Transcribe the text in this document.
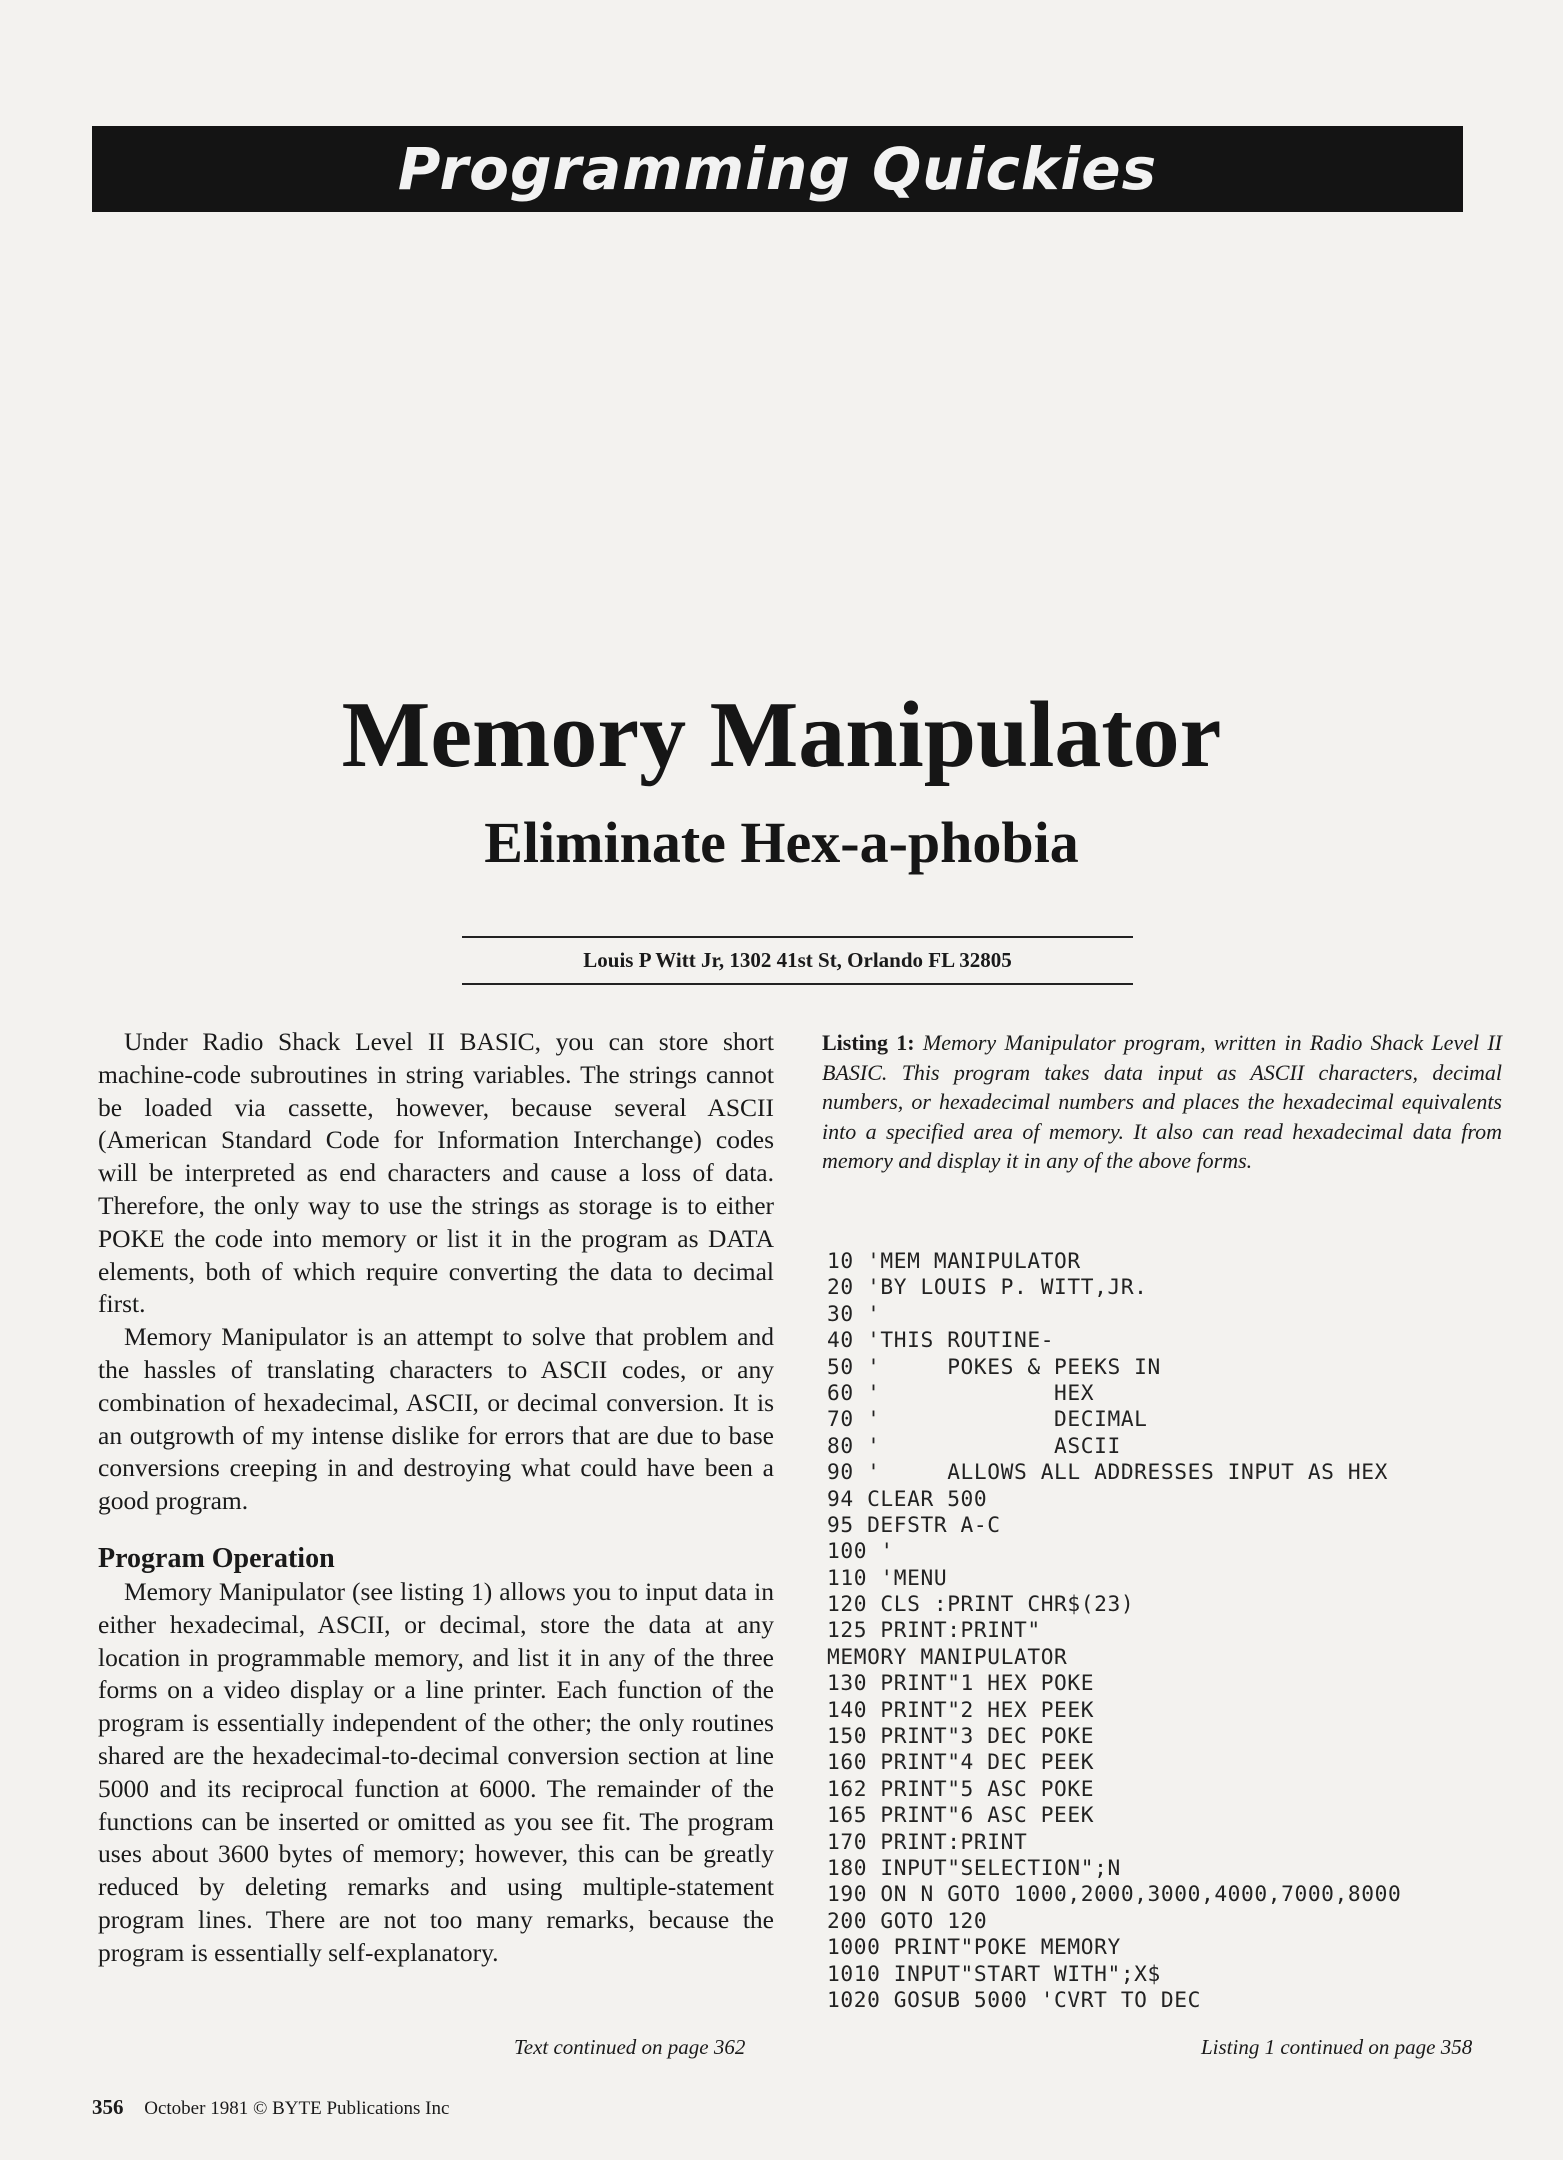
Programming Quickies
Memory Manipulator
Eliminate Hex-a-phobia
Louis P Witt Jr, 1302 41st St, Orlando FL 32805

Under Radio Shack Level II BASIC, you can store short machine-code subroutines in string variables. The strings cannot be loaded via cassette, however, because several ASCII (American Standard Code for Information Interchange) codes will be interpreted as end characters and cause a loss of data. Therefore, the only way to use the strings as storage is to either POKE the code into memory or list it in the program as DATA elements, both of which require converting the data to decimal first.

Memory Manipulator is an attempt to solve that problem and the hassles of translating characters to ASCII codes, or any combination of hexadecimal, ASCII, or decimal conversion. It is an outgrowth of my intense dislike for errors that are due to base conversions creeping in and destroying what could have been a good program.

Program Operation

Memory Manipulator (see listing 1) allows you to input data in either hexadecimal, ASCII, or decimal, store the data at any location in programmable memory, and list it in any of the three forms on a video display or a line printer. Each function of the program is essentially independent of the other; the only routines shared are the hexadecimal-to-decimal conversion section at line 5000 and its reciprocal function at 6000. The remainder of the functions can be inserted or omitted as you see fit. The program uses about 3600 bytes of memory; however, this can be greatly reduced by deleting remarks and using multiple-statement program lines. There are not too many remarks, because the program is essentially self-explanatory.

Text continued on page 362
Listing 1: Memory Manipulator program, written in Radio Shack Level II BASIC. This program takes data input as ASCII characters, decimal numbers, or hexadecimal numbers and places the hexadecimal equivalents into a specified area of memory. It also can read hexadecimal data from memory and display it in any of the above forms.
10 'MEM MANIPULATOR
20 'BY LOUIS P. WITT,JR.
30 '
40 'THIS ROUTINE-
50 '     POKES & PEEKS IN
60 '             HEX
70 '             DECIMAL
80 '             ASCII
90 '     ALLOWS ALL ADDRESSES INPUT AS HEX
94 CLEAR 500
95 DEFSTR A-C
100 '
110 'MENU
120 CLS :PRINT CHR$(23)
125 PRINT:PRINT"
MEMORY MANIPULATOR
130 PRINT"1 HEX POKE
140 PRINT"2 HEX PEEK
150 PRINT"3 DEC POKE
160 PRINT"4 DEC PEEK
162 PRINT"5 ASC POKE
165 PRINT"6 ASC PEEK
170 PRINT:PRINT
180 INPUT"SELECTION";N
190 ON N GOTO 1000,2000,3000,4000,7000,8000
200 GOTO 120
1000 PRINT"POKE MEMORY
1010 INPUT"START WITH";X$
1020 GOSUB 5000 'CVRT TO DEC
Listing 1 continued on page 358
356 October 1981 © BYTE Publications Inc
